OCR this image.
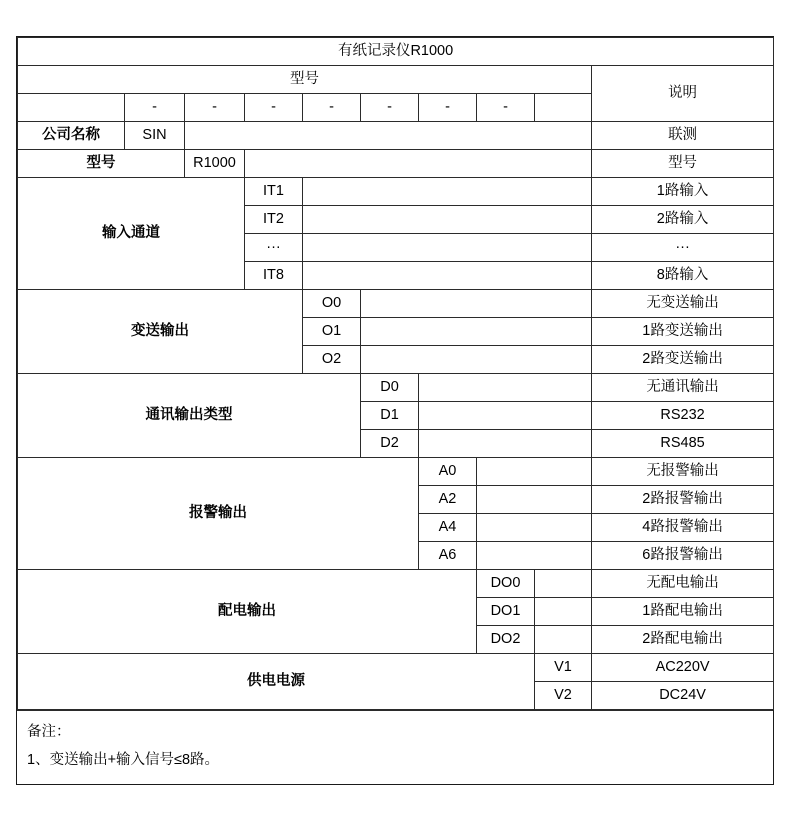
有纸记录仪R1000									
型号									说明
	-	-	-	-	-	-	-		
公司名称	SIN								联测
型号		R1000							型号
输入通道			IT1						1路输入
			IT2						2路输入
			···						···
			IT8						8路输入
变送输出				O0					无变送输出
				O1					1路变送输出
				O2					2路变送输出
通讯输出类型					D0				无通讯输出
					D1				RS232
					D2				RS485
报警输出						A0			无报警输出
						A2			2路报警输出
						A4			4路报警输出
						A6			6路报警输出
配电输出							DO0		无配电输出
							DO1		1路配电输出
							DO2		2路配电输出
供电电源								V1	AC220V
								V2	DC24V
备注：
1、变送输出+输入信号≤8路。
